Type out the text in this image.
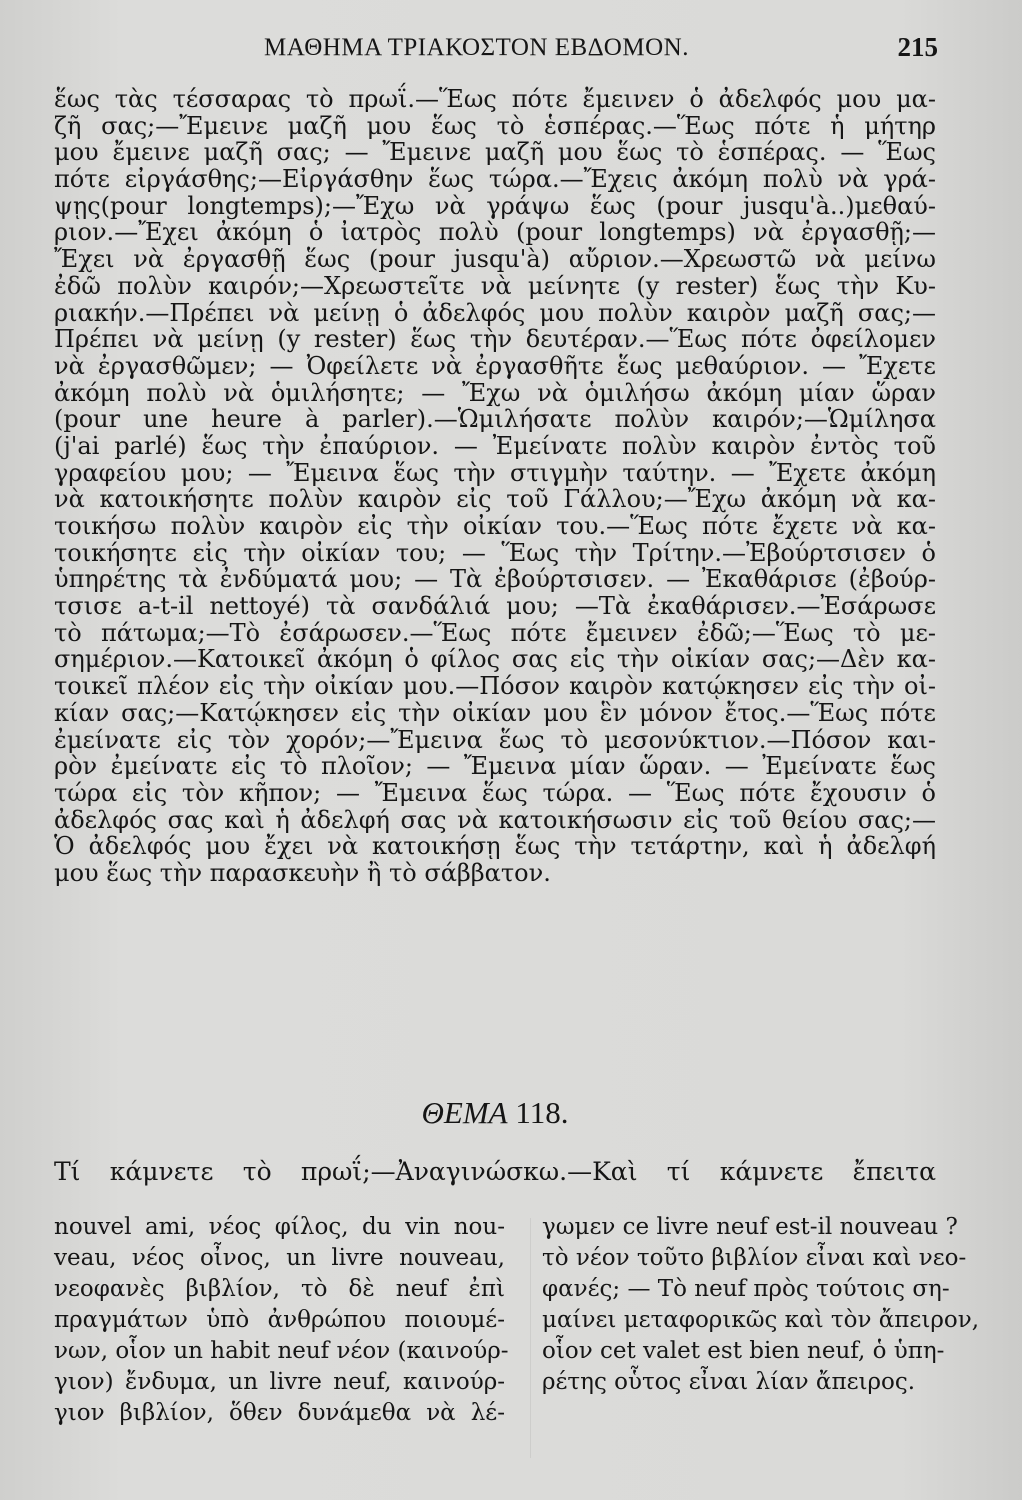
ΜΑΘΗΜΑ ΤΡΙΑΚΟΣΤΟΝ ΕΒΔΟΜΟΝ.	215
ἕως τὰς τέσσαρας τὸ πρωΐ.—Ἕως πότε ἔμεινεν ὁ ἀδελφός μου μα-
ζῆ σας;—Ἔμεινε μαζῆ μου ἕως τὸ ἑσπέρας.—Ἕως πότε ἡ μήτηρ
μου ἔμεινε μαζῆ σας; — Ἔμεινε μαζῆ μου ἕως τὸ ἑσπέρας. — Ἕως
πότε εἰργάσθης;—Εἰργάσθην ἕως τώρα.—Ἔχεις ἀκόμη πολὺ νὰ γρά-
ψῃς(pour longtemps);—Ἔχω νὰ γράψω ἕως (pour jusqu'à..)μεθαύ-
ριον.—Ἔχει ἀκόμη ὁ ἰατρὸς πολὺ (pour longtemps) νὰ ἐργασθῇ;—
Ἔχει νὰ ἐργασθῇ ἕως (pour jusqu'à) αὔριον.—Χρεωστῶ νὰ μείνω
ἐδῶ πολὺν καιρόν;—Χρεωστεῖτε νὰ μείνητε (y rester) ἕως τὴν Κυ-
ριακήν.—Πρέπει νὰ μείνῃ ὁ ἀδελφός μου πολὺν καιρὸν μαζῆ σας;—
Πρέπει νὰ μείνῃ (y rester) ἕως τὴν δευτέραν.—Ἕως πότε ὀφείλομεν
νὰ ἐργασθῶμεν; — Ὀφείλετε νὰ ἐργασθῆτε ἕως μεθαύριον. — Ἔχετε
ἀκόμη πολὺ νὰ ὁμιλήσητε; — Ἔχω νὰ ὁμιλήσω ἀκόμη μίαν ὥραν
(pour une heure à parler).—Ὡμιλήσατε πολὺν καιρόν;—Ὡμίλησα
(j'ai parlé) ἕως τὴν ἐπαύριον. — Ἐμείνατε πολὺν καιρὸν ἐντὸς τοῦ
γραφείου μου; — Ἔμεινα ἕως τὴν στιγμὴν ταύτην. — Ἔχετε ἀκόμη
νὰ κατοικήσητε πολὺν καιρὸν εἰς τοῦ Γάλλου;—Ἔχω ἀκόμη νὰ κα-
τοικήσω πολὺν καιρὸν εἰς τὴν οἰκίαν του.—Ἕως πότε ἔχετε νὰ κα-
τοικήσητε εἰς τὴν οἰκίαν του; — Ἕως τὴν Τρίτην.—Ἐβούρτσισεν ὁ
ὑπηρέτης τὰ ἐνδύματά μου; — Τὰ ἐβούρτσισεν. — Ἐκαθάρισε (ἐβούρ-
τσισε a-t-il nettoyé) τὰ σανδάλιά μου; —Τὰ ἐκαθάρισεν.—Ἐσάρωσε
τὸ πάτωμα;—Τὸ ἐσάρωσεν.—Ἕως πότε ἔμεινεν ἐδῶ;—Ἕως τὸ με-
σημέριον.—Κατοικεῖ ἀκόμη ὁ φίλος σας εἰς τὴν οἰκίαν σας;—Δὲν κα-
τοικεῖ πλέον εἰς τὴν οἰκίαν μου.—Πόσον καιρὸν κατῴκησεν εἰς τὴν οἰ-
κίαν σας;—Κατῴκησεν εἰς τὴν οἰκίαν μου ἓν μόνον ἔτος.—Ἕως πότε
ἐμείνατε εἰς τὸν χορόν;—Ἔμεινα ἕως τὸ μεσονύκτιον.—Πόσον και-
ρὸν ἐμείνατε εἰς τὸ πλοῖον; — Ἔμεινα μίαν ὥραν. — Ἐμείνατε ἕως
τώρα εἰς τὸν κῆπον; — Ἔμεινα ἕως τώρα. — Ἕως πότε ἔχουσιν ὁ
ἀδελφός σας καὶ ἡ ἀδελφή σας νὰ κατοικήσωσιν εἰς τοῦ θείου σας;—
Ὁ ἀδελφός μου ἔχει νὰ κατοικήσῃ ἕως τὴν τετάρτην, καὶ ἡ ἀδελφή
μου ἕως τὴν παρασκευὴν ἢ τὸ σάββατον.
ΘΕΜΑ 118.
Τί κάμνετε τὸ πρωΐ;—Ἀναγινώσκω.—Καὶ τί κάμνετε ἔπειτα
nouvel ami, νέος φίλος, du vin nou-
veau, νέος οἶνος, un livre nouveau,
νεοφανὲς βιβλίον, τὸ δὲ neuf ἐπὶ
πραγμάτων ὑπὸ ἀνθρώπου ποιουμέ-
νων, οἷον un habit neuf νέον (καινούρ-
γιον) ἔνδυμα, un livre neuf, καινούρ-
γιον βιβλίον, ὅθεν δυνάμεθα νὰ λέ-
γωμεν ce livre neuf est-il nouveau ?
τὸ νέον τοῦτο βιβλίον εἶναι καὶ νεο-
φανές; — Τὸ neuf πρὸς τούτοις ση-
μαίνει μεταφορικῶς καὶ τὸν ἄπειρον,
οἷον cet valet est bien neuf, ὁ ὑπη-
ρέτης οὗτος εἶναι λίαν ἄπειρος.
